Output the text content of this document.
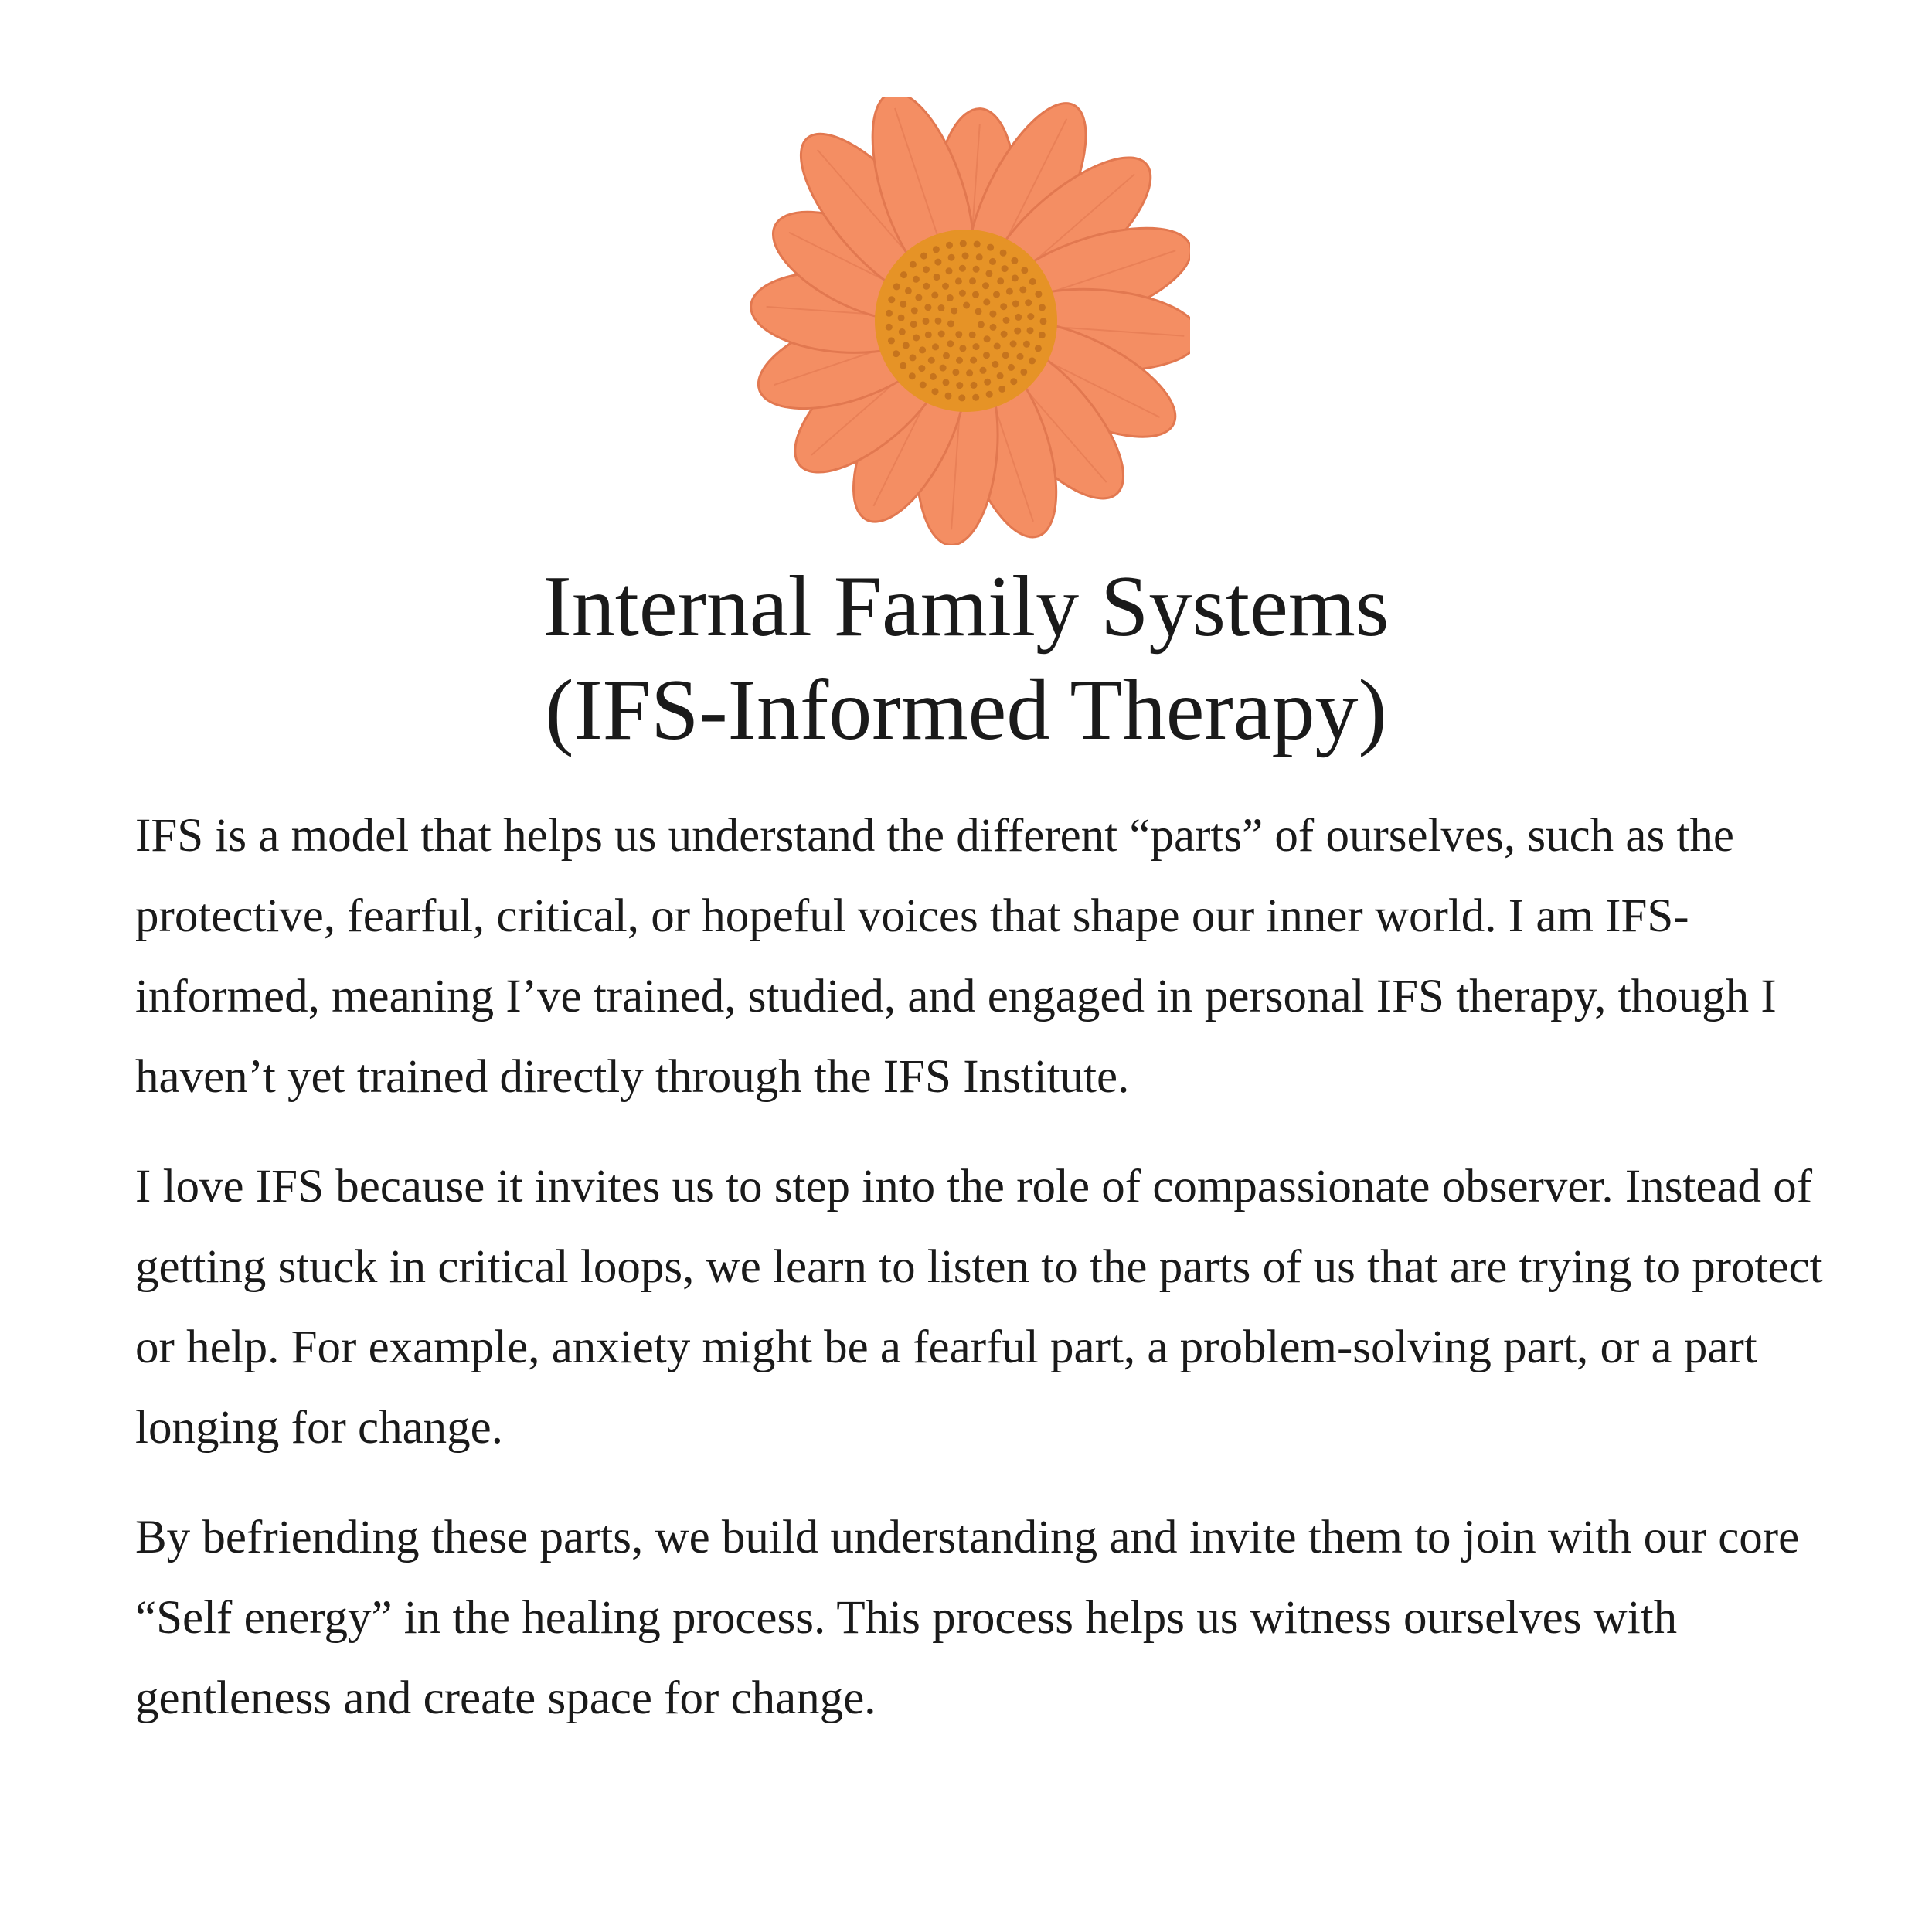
Internal Family Systems
(IFS-Informed Therapy)

IFS is a model that helps us understand the different “parts” of ourselves, such as the protective, fearful, critical, or hopeful voices that shape our inner world. I am IFS-informed, meaning I’ve trained, studied, and engaged in personal IFS therapy, though I haven’t yet trained directly through the IFS Institute.

I love IFS because it invites us to step into the role of compassionate observer. Instead of getting stuck in critical loops, we learn to listen to the parts of us that are trying to protect or help. For example, anxiety might be a fearful part, a problem-solving part, or a part longing for change.

By befriending these parts, we build understanding and invite them to join with our core “Self energy” in the healing process. This process helps us witness ourselves with gentleness and create space for change.
